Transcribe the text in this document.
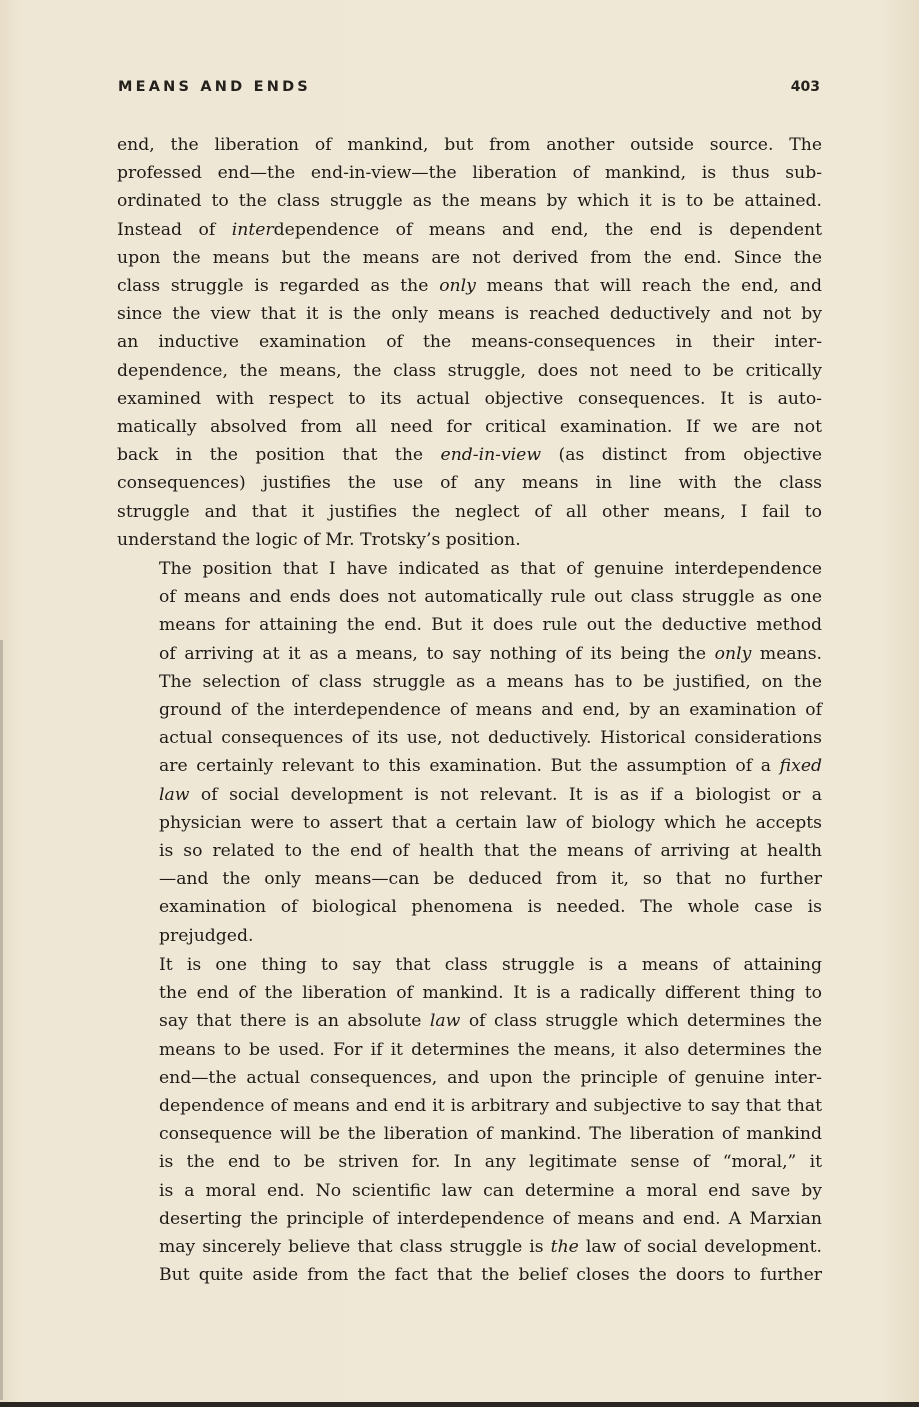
MEANS AND ENDS	403

end, the liberation of mankind, but from another outside source. The
professed end—the end-in-view—the liberation of mankind, is thus sub-
ordinated to the class struggle as the means by which it is to be attained.
Instead of interdependence of means and end, the end is dependent
upon the means but the means are not derived from the end. Since the
class struggle is regarded as the only means that will reach the end, and
since the view that it is the only means is reached deductively and not by
an inductive examination of the means-consequences in their inter-
dependence, the means, the class struggle, does not need to be critically
examined with respect to its actual objective consequences. It is auto-
matically absolved from all need for critical examination. If we are not
back in the position that the end-in-view (as distinct from objective
consequences) justifies the use of any means in line with the class
struggle and that it justifies the neglect of all other means, I fail to
understand the logic of Mr. Trotsky’s position.

The position that I have indicated as that of genuine interdependence
of means and ends does not automatically rule out class struggle as one
means for attaining the end. But it does rule out the deductive method
of arriving at it as a means, to say nothing of its being the only means.
The selection of class struggle as a means has to be justified, on the
ground of the interdependence of means and end, by an examination of
actual consequences of its use, not deductively. Historical considerations
are certainly relevant to this examination. But the assumption of a fixed
law of social development is not relevant. It is as if a biologist or a
physician were to assert that a certain law of biology which he accepts
is so related to the end of health that the means of arriving at health
—and the only means—can be deduced from it, so that no further
examination of biological phenomena is needed. The whole case is
prejudged.

It is one thing to say that class struggle is a means of attaining
the end of the liberation of mankind. It is a radically different thing to
say that there is an absolute law of class struggle which determines the
means to be used. For if it determines the means, it also determines the
end—the actual consequences, and upon the principle of genuine inter-
dependence of means and end it is arbitrary and subjective to say that that
consequence will be the liberation of mankind. The liberation of mankind
is the end to be striven for. In any legitimate sense of “moral,” it
is a moral end. No scientific law can determine a moral end save by
deserting the principle of interdependence of means and end. A Marxian
may sincerely believe that class struggle is the law of social development.
But quite aside from the fact that the belief closes the doors to further
